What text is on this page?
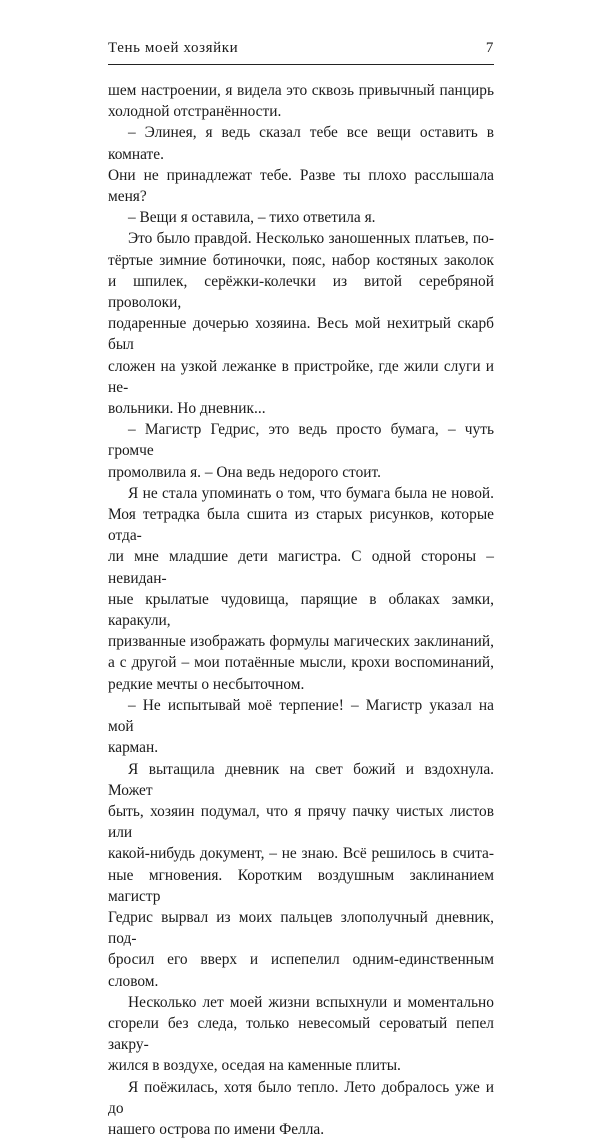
Тень моей хозяйки	7

шем настроении, я видела это сквозь привычный панцирь

холодной отстранённости.

– Элинея, я ведь сказал тебе все вещи оставить в комнате.

Они не принадлежат тебе. Разве ты плохо расслышала меня?

– Вещи я оставила, – тихо ответила я.

Это было правдой. Несколько заношенных платьев, по-

тёртые зимние ботиночки, пояс, набор костяных заколок

и шпилек, серёжки-колечки из витой серебряной проволоки,

подаренные дочерью хозяина. Весь мой нехитрый скарб был

сложен на узкой лежанке в пристройке, где жили слуги и не-

вольники. Но дневник...

– Магистр Гедрис, это ведь просто бумага, – чуть громче

промолвила я. – Она ведь недорого стоит.

Я не стала упоминать о том, что бумага была не новой.

Моя тетрадка была сшита из старых рисунков, которые отда-

ли мне младшие дети магистра. С одной стороны – невидан-

ные крылатые чудовища, парящие в облаках замки, каракули,

призванные изображать формулы магических заклинаний,

а с другой – мои потаённые мысли, крохи воспоминаний,

редкие мечты о несбыточном.

– Не испытывай моё терпение! – Магистр указал на мой

карман.

Я вытащила дневник на свет божий и вздохнула. Может

быть, хозяин подумал, что я прячу пачку чистых листов или

какой-нибудь документ, – не знаю. Всё решилось в счита-

ные мгновения. Коротким воздушным заклинанием магистр

Гедрис вырвал из моих пальцев злополучный дневник, под-

бросил его вверх и испепелил одним-единственным словом.

Несколько лет моей жизни вспыхнули и моментально

сгорели без следа, только невесомый сероватый пепел закру-

жился в воздухе, оседая на каменные плиты.

Я поёжилась, хотя было тепло. Лето добралось уже и до

нашего острова по имени Фелла.
